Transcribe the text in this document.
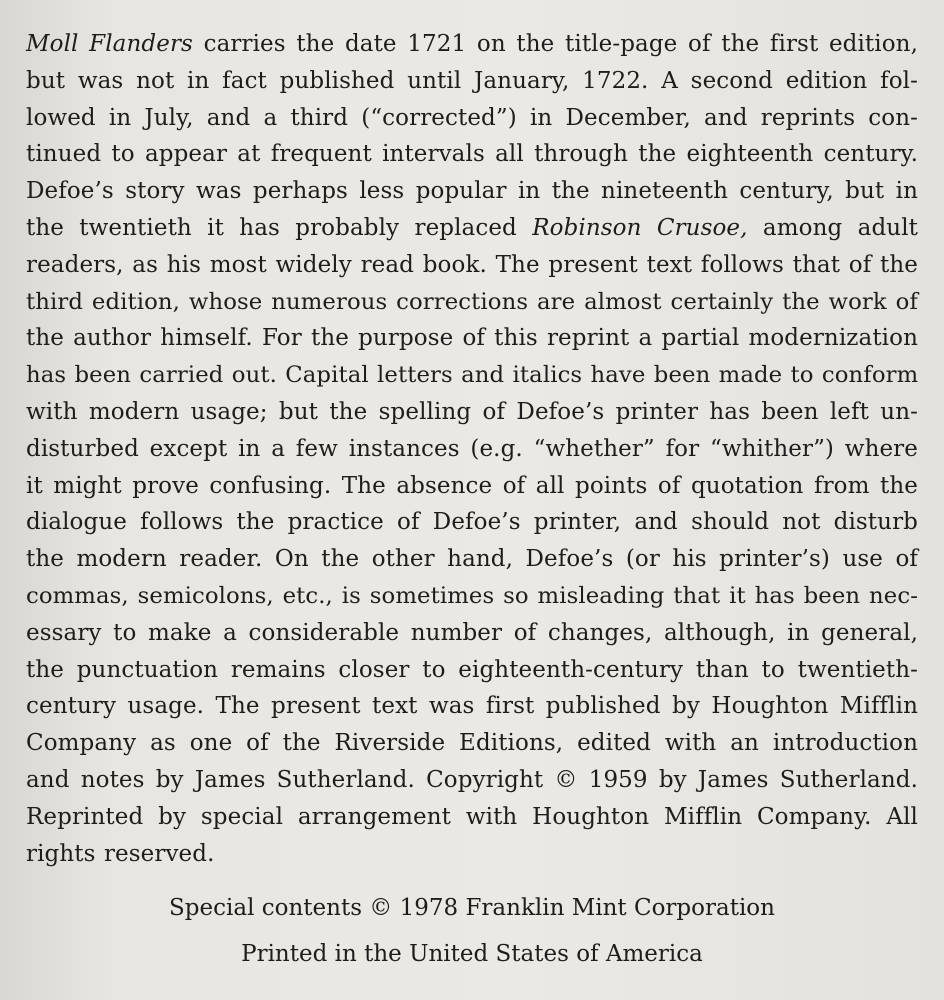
Moll Flanders carries the date 1721 on the title-page of the first edition,
but was not in fact published until January, 1722. A second edition fol-
lowed in July, and a third (“corrected”) in December, and reprints con-
tinued to appear at frequent intervals all through the eighteenth century.
Defoe’s story was perhaps less popular in the nineteenth century, but in
the twentieth it has probably replaced Robinson Crusoe, among adult
readers, as his most widely read book. The present text follows that of the
third edition, whose numerous corrections are almost certainly the work of
the author himself. For the purpose of this reprint a partial modernization
has been carried out. Capital letters and italics have been made to conform
with modern usage; but the spelling of Defoe’s printer has been left un-
disturbed except in a few instances (e.g. “whether” for “whither”) where
it might prove confusing. The absence of all points of quotation from the
dialogue follows the practice of Defoe’s printer, and should not disturb
the modern reader. On the other hand, Defoe’s (or his printer’s) use of
commas, semicolons, etc., is sometimes so misleading that it has been nec-
essary to make a considerable number of changes, although, in general,
the punctuation remains closer to eighteenth-century than to twentieth-
century usage. The present text was first published by Houghton Mifflin
Company as one of the Riverside Editions, edited with an introduction
and notes by James Sutherland. Copyright © 1959 by James Sutherland.
Reprinted by special arrangement with Houghton Mifflin Company. All
rights reserved.
Special contents © 1978 Franklin Mint Corporation
Printed in the United States of America
